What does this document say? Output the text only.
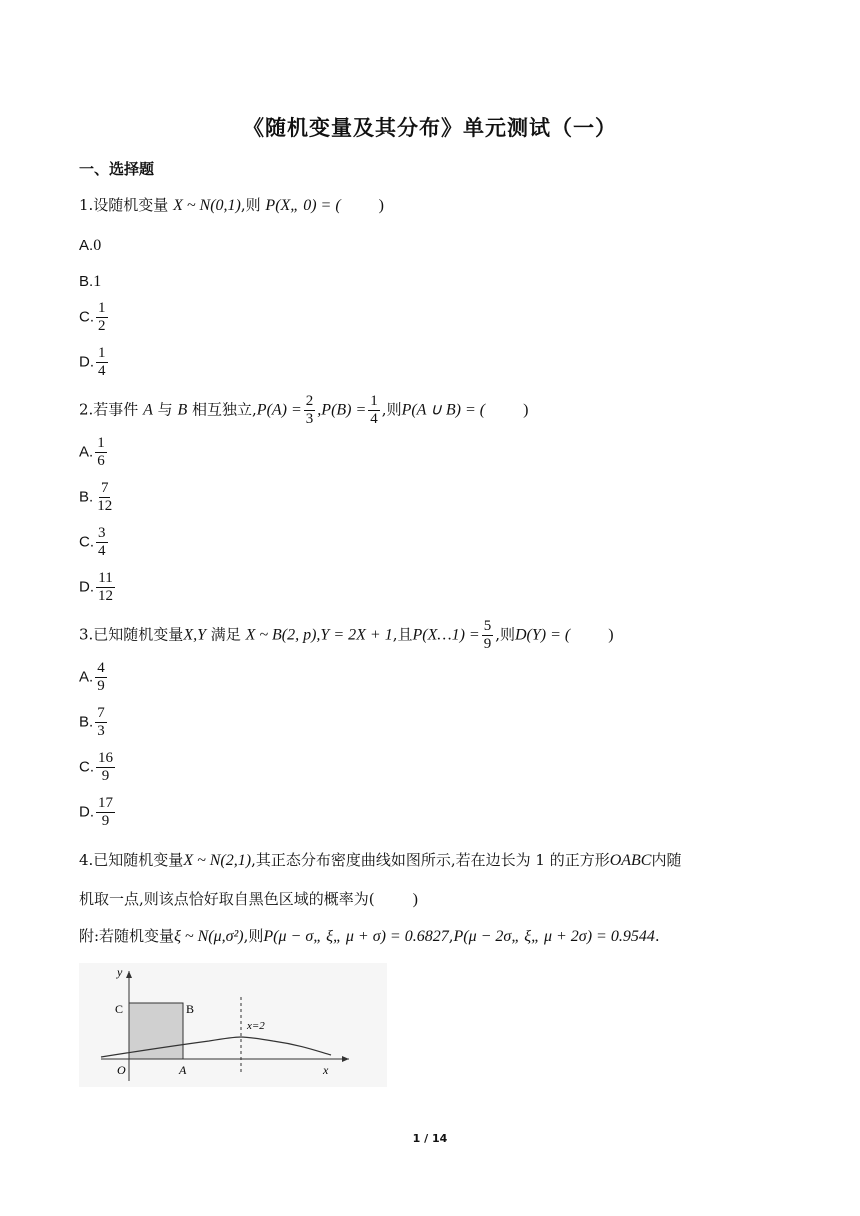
《随机变量及其分布》单元测试（一）
一、选择题
1.设随机变量 X ~ N(0,1),则 P(X„ 0) = ( )
A.0
B.1
C. $\frac{1}{2}$
D. $\frac{1}{4}$
2.若事件 A 与 B 相互独立$,P(A) = \frac{2}{3} ,P(B) = \frac{1}{4}$ ,则P(A ∪ B) = ( )
A. $\frac{1}{6}$
B. $\frac{7}{12}$
C. $\frac{3}{4}$
D. $\frac{11}{12}$
3.已知随机变量X,Y 满足 X ~ B(2, p),Y = 2X + 1,且P(X…1) = $\frac{5}{9}$ ,则D(Y) = ( )
A. $\frac{4}{9}$
B. $\frac{7}{3}$
C. $\frac{16}{9}$
D. $\frac{17}{9}$
4.已知随机变量X ~ N(2,1),其正态分布密度曲线如图所示,若在边长为 1 的正方形OABC内随
机取一点,则该点恰好取自黑色区域的概率为( )
附:若随机变量ξ ~ N(μ,σ²),则P(μ − σ„ ξ„ μ + σ) = 0.6827,P(μ − 2σ„ ξ„ μ + 2σ) = 0.9544.
y
C	B
O	A	x
x=2
1 / 14
